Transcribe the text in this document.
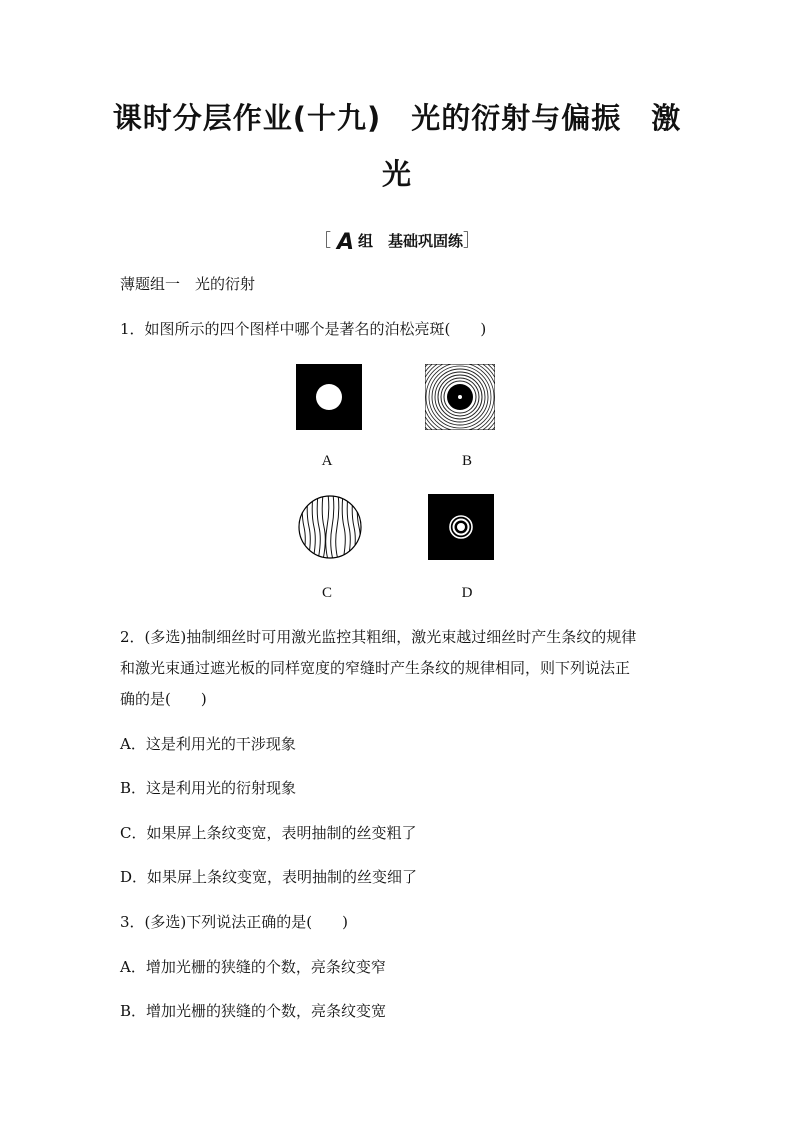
课时分层作业(十九)　光的衍射与偏振　激
光
［ A 组　基础巩固练］

薄题组一　光的衍射

1．如图所示的四个图样中哪个是著名的泊松亮斑(　　)

A	B
C	D

2．(多选)抽制细丝时可用激光监控其粗细，激光束越过细丝时产生条纹的规律

和激光束通过遮光板的同样宽度的窄缝时产生条纹的规律相同，则下列说法正

确的是(　　)

A．这是利用光的干涉现象

B．这是利用光的衍射现象

C．如果屏上条纹变宽，表明抽制的丝变粗了

D．如果屏上条纹变宽，表明抽制的丝变细了

3．(多选)下列说法正确的是(　　)

A．增加光栅的狭缝的个数，亮条纹变窄

B．增加光栅的狭缝的个数，亮条纹变宽
